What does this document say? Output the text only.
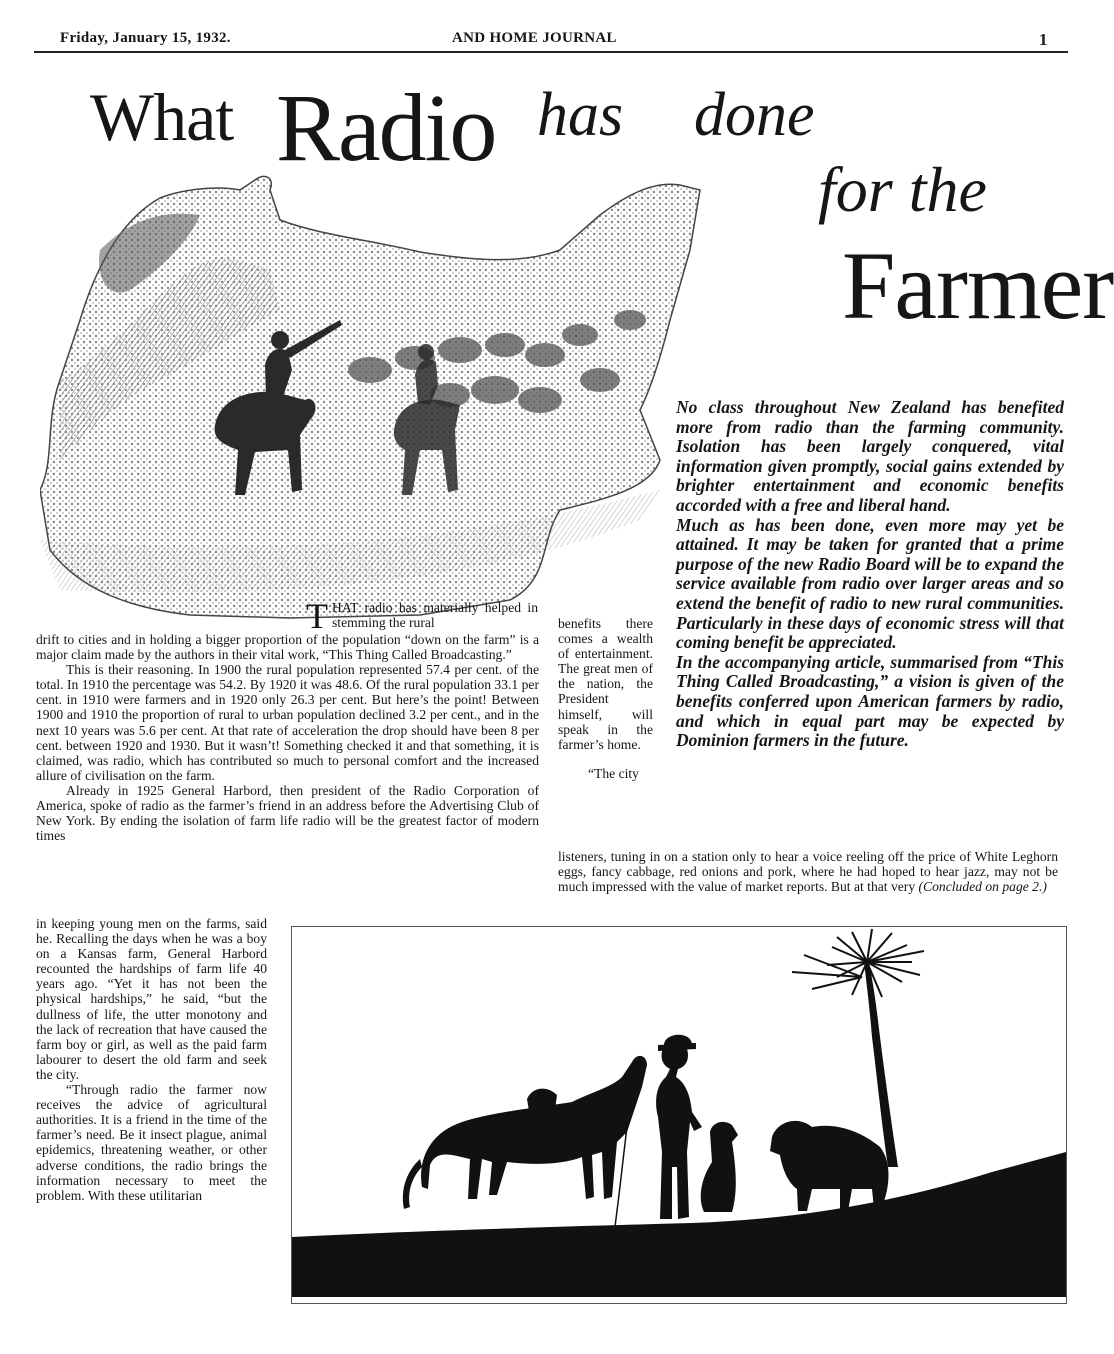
Friday, January 15, 1932.	AND HOME JOURNAL	1
What Radio has done
for the
Farmer

No class throughout New Zealand has benefited more from radio than the farming community. Isolation has been largely conquered, vital information given promptly, social gains extended by brighter entertainment and economic benefits accorded with a free and liberal hand.

Much as has been done, even more may yet be attained. It may be taken for granted that a prime purpose of the new Radio Board will be to expand the service available from radio over larger areas and so extend the benefit of radio to new rural communities. Particularly in these days of economic stress will that coming benefit be appreciated.

In the accompanying article, summarised from “This Thing Called Broadcasting,” a vision is given of the benefits conferred upon American farmers by radio, and which in equal part may be expected by Dominion farmers in the future.

T HAT radio has materially helped in stemming the rural

drift to cities and in holding a bigger proportion of the population “down on the farm” is a major claim made by the authors in their vital work, “This Thing Called Broadcasting.”

This is their reasoning. In 1900 the rural population represented 57.4 per cent. of the total. In 1910 the percentage was 54.2. By 1920 it was 48.6. Of the rural population 33.1 per cent. in 1910 were farmers and in 1920 only 26.3 per cent. But here’s the point! Between 1900 and 1910 the proportion of rural to urban population declined 3.2 per cent., and in the next 10 years was 5.6 per cent. At that rate of acceleration the drop should have been 8 per cent. between 1920 and 1930. But it wasn’t! Something checked it and that something, it is claimed, was radio, which has contributed so much to personal comfort and the increased allure of civilisation on the farm.

Already in 1925 General Harbord, then president of the Radio Corporation of America, spoke of radio as the farmer’s friend in an address before the Advertising Club of New York. By ending the isolation of farm life radio will be the greatest factor of modern times

in keeping young men on the farms, said he. Recalling the days when he was a boy on a Kansas farm, General Harbord recounted the hardships of farm life 40 years ago. “Yet it has not been the physical hardships,” he said, “but the dullness of life, the utter monotony and the lack of recreation that have caused the farm boy or girl, as well as the paid farm labourer to desert the old farm and seek the city.

“Through radio the farmer now receives the advice of agricultural authorities. It is a friend in the time of the farmer’s need. Be it insect plague, animal epidemics, threatening weather, or other adverse conditions, the radio brings the information necessary to meet the problem. With these utilitarian

benefits there comes a wealth of entertainment. The great men of the nation, the President himself, will speak in the farmer’s home.

“The city

listeners, tuning in on a station only to hear a voice reeling off the price of White Leghorn eggs, fancy cabbage, red onions and pork, where he had hoped to hear jazz, may not be much impressed with the value of market reports. But at that very (Concluded on page 2.)
